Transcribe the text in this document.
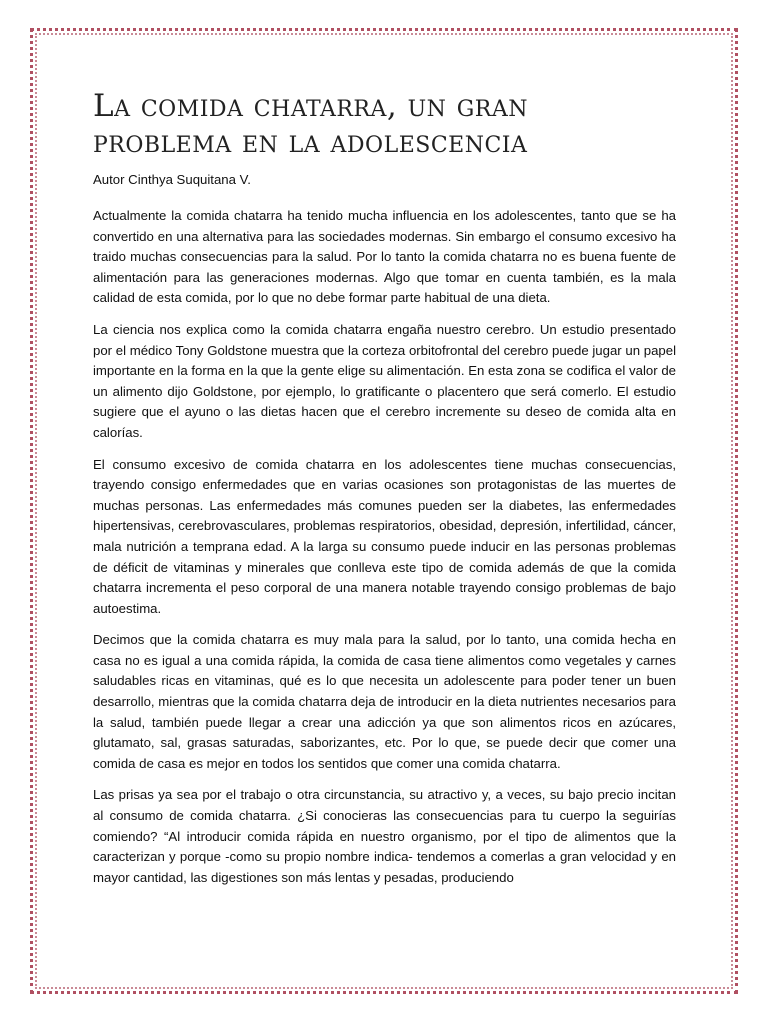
La comida chatarra, un gran
problema en la adolescencia

Autor Cinthya Suquitana V.

Actualmente la comida chatarra ha tenido mucha influencia en los adolescentes, tanto que se ha convertido en una alternativa para las sociedades modernas. Sin embargo el consumo excesivo ha traido muchas consecuencias para la salud. Por lo tanto la comida chatarra no es buena fuente de alimentación para las generaciones modernas. Algo que tomar en cuenta también, es la mala calidad de esta comida, por lo que no debe formar parte habitual de una dieta.

La ciencia nos explica como la comida chatarra engaña nuestro cerebro. Un estudio presentado por el médico Tony Goldstone muestra que la corteza orbitofrontal del cerebro puede jugar un papel importante en la forma en la que la gente elige su alimentación. En esta zona se codifica el valor de un alimento dijo Goldstone, por ejemplo, lo gratificante o placentero que será comerlo. El estudio sugiere que el ayuno o las dietas hacen que el cerebro incremente su deseo de comida alta en calorías.

El consumo excesivo de comida chatarra en los adolescentes tiene muchas consecuencias, trayendo consigo enfermedades que en varias ocasiones son protagonistas de las muertes de muchas personas. Las enfermedades más comunes pueden ser la diabetes, las enfermedades hipertensivas, cerebrovasculares, problemas respiratorios, obesidad, depresión, infertilidad, cáncer, mala nutrición a temprana edad. A la larga su consumo puede inducir en las personas problemas de déficit de vitaminas y minerales que conlleva este tipo de comida además de que la comida chatarra incrementa el peso corporal de una manera notable trayendo consigo problemas de bajo autoestima.

Decimos que la comida chatarra es muy mala para la salud, por lo tanto, una comida hecha en casa no es igual a una comida rápida, la comida de casa tiene alimentos como vegetales y carnes saludables ricas en vitaminas, qué es lo que necesita un adolescente para poder tener un buen desarrollo, mientras que la comida chatarra deja de introducir en la dieta nutrientes necesarios para la salud, también puede llegar a crear una adicción ya que son alimentos ricos en azúcares, glutamato, sal, grasas saturadas, saborizantes, etc. Por lo que, se puede decir que comer una comida de casa es mejor en todos los sentidos que comer una comida chatarra.

Las prisas ya sea por el trabajo o otra circunstancia, su atractivo y, a veces, su bajo precio incitan al consumo de comida chatarra. ¿Si conocieras las consecuencias para tu cuerpo la seguirías comiendo? “Al introducir comida rápida en nuestro organismo, por el tipo de alimentos que la caracterizan y porque -como su propio nombre indica- tendemos a comerlas a gran velocidad y en mayor cantidad, las digestiones son más lentas y pesadas, produciendo
